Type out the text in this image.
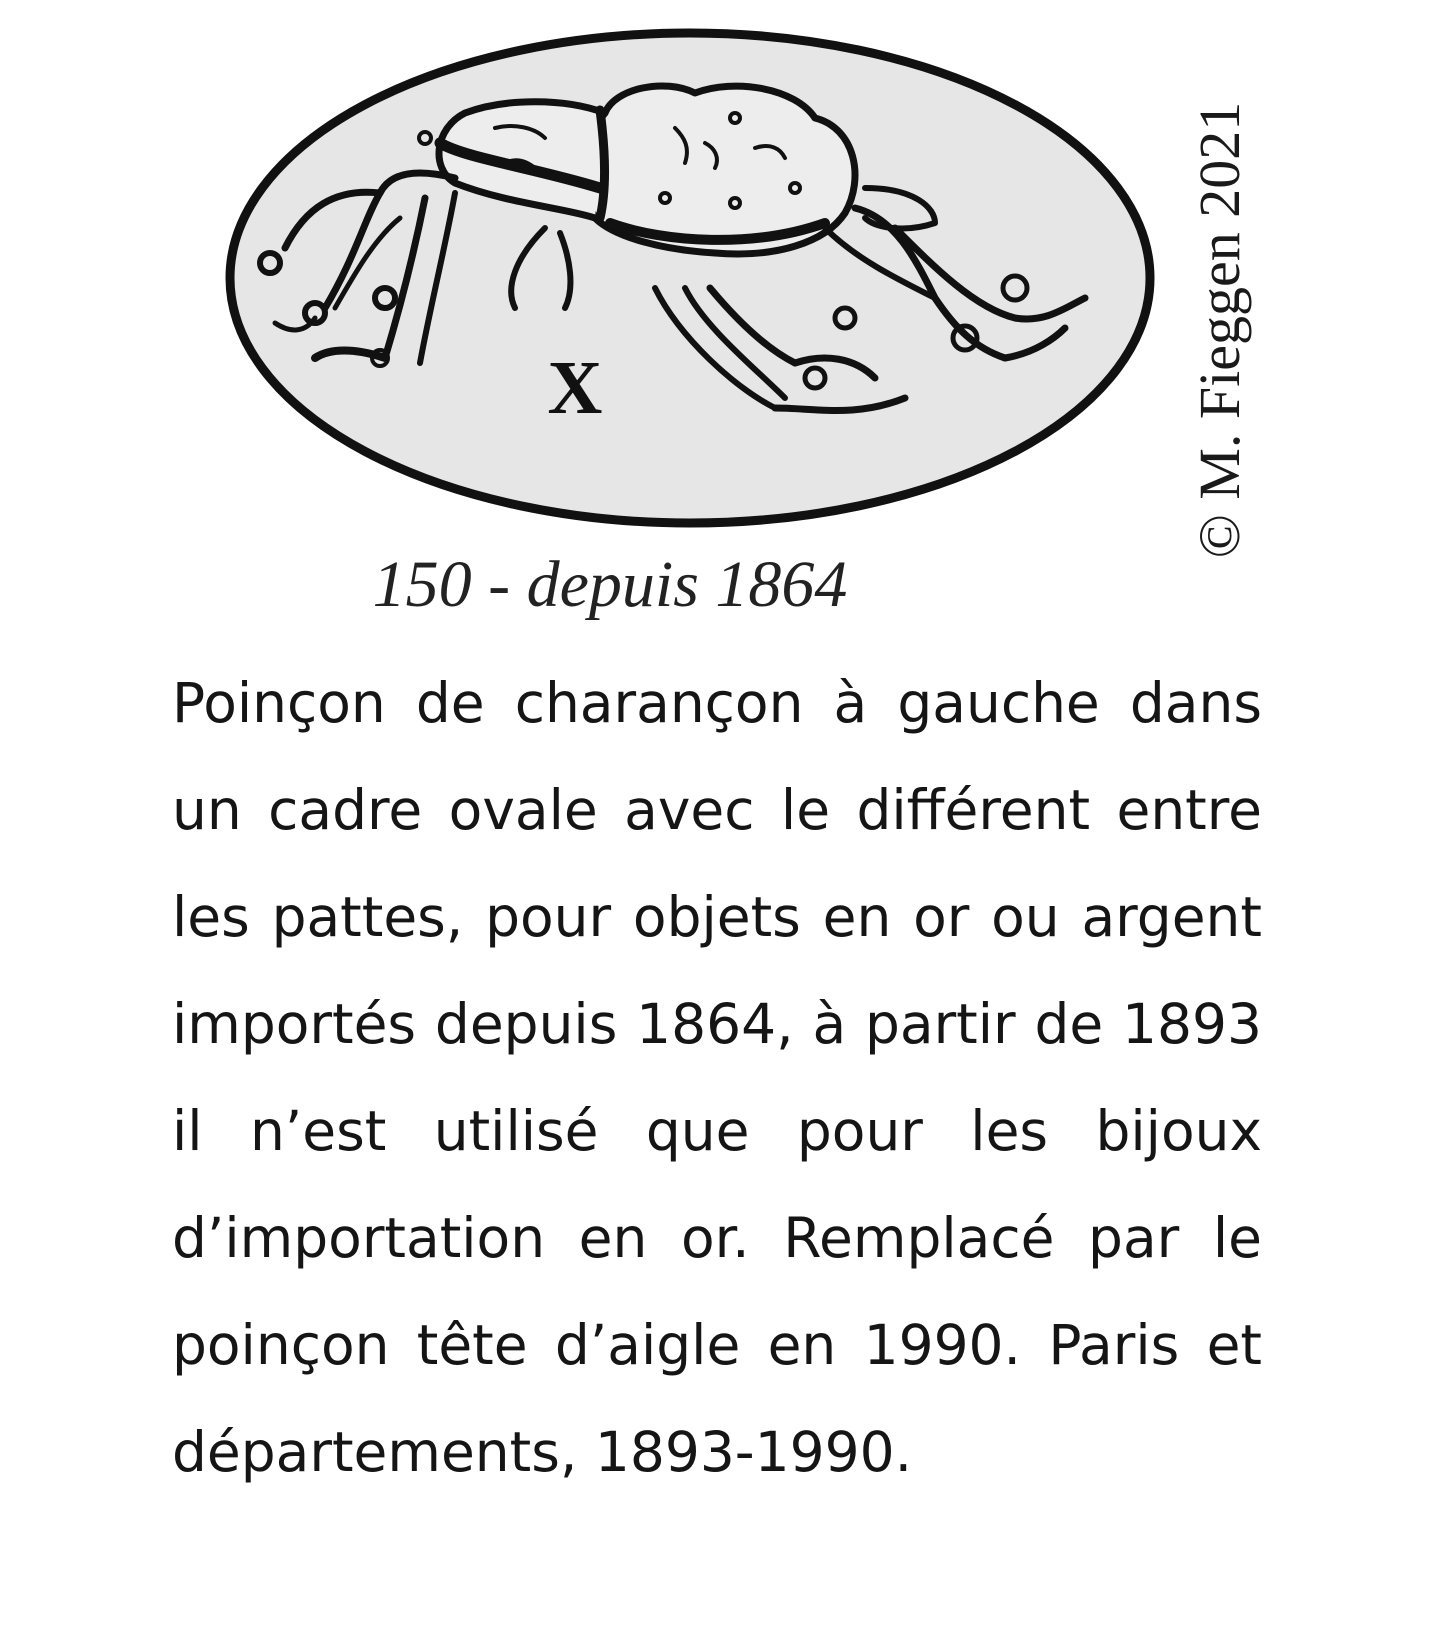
X
150 - depuis 1864
© M. Fieggen 2021

Poinçon de charançon à gauche dans un cadre ovale avec le différent entre les pattes, pour objets en or ou argent importés depuis 1864, à partir de 1893 il n’est utilisé que pour les bijoux d’importation en or. Remplacé par le poinçon tête d’aigle en 1990. Paris et départements, 1893-1990.
